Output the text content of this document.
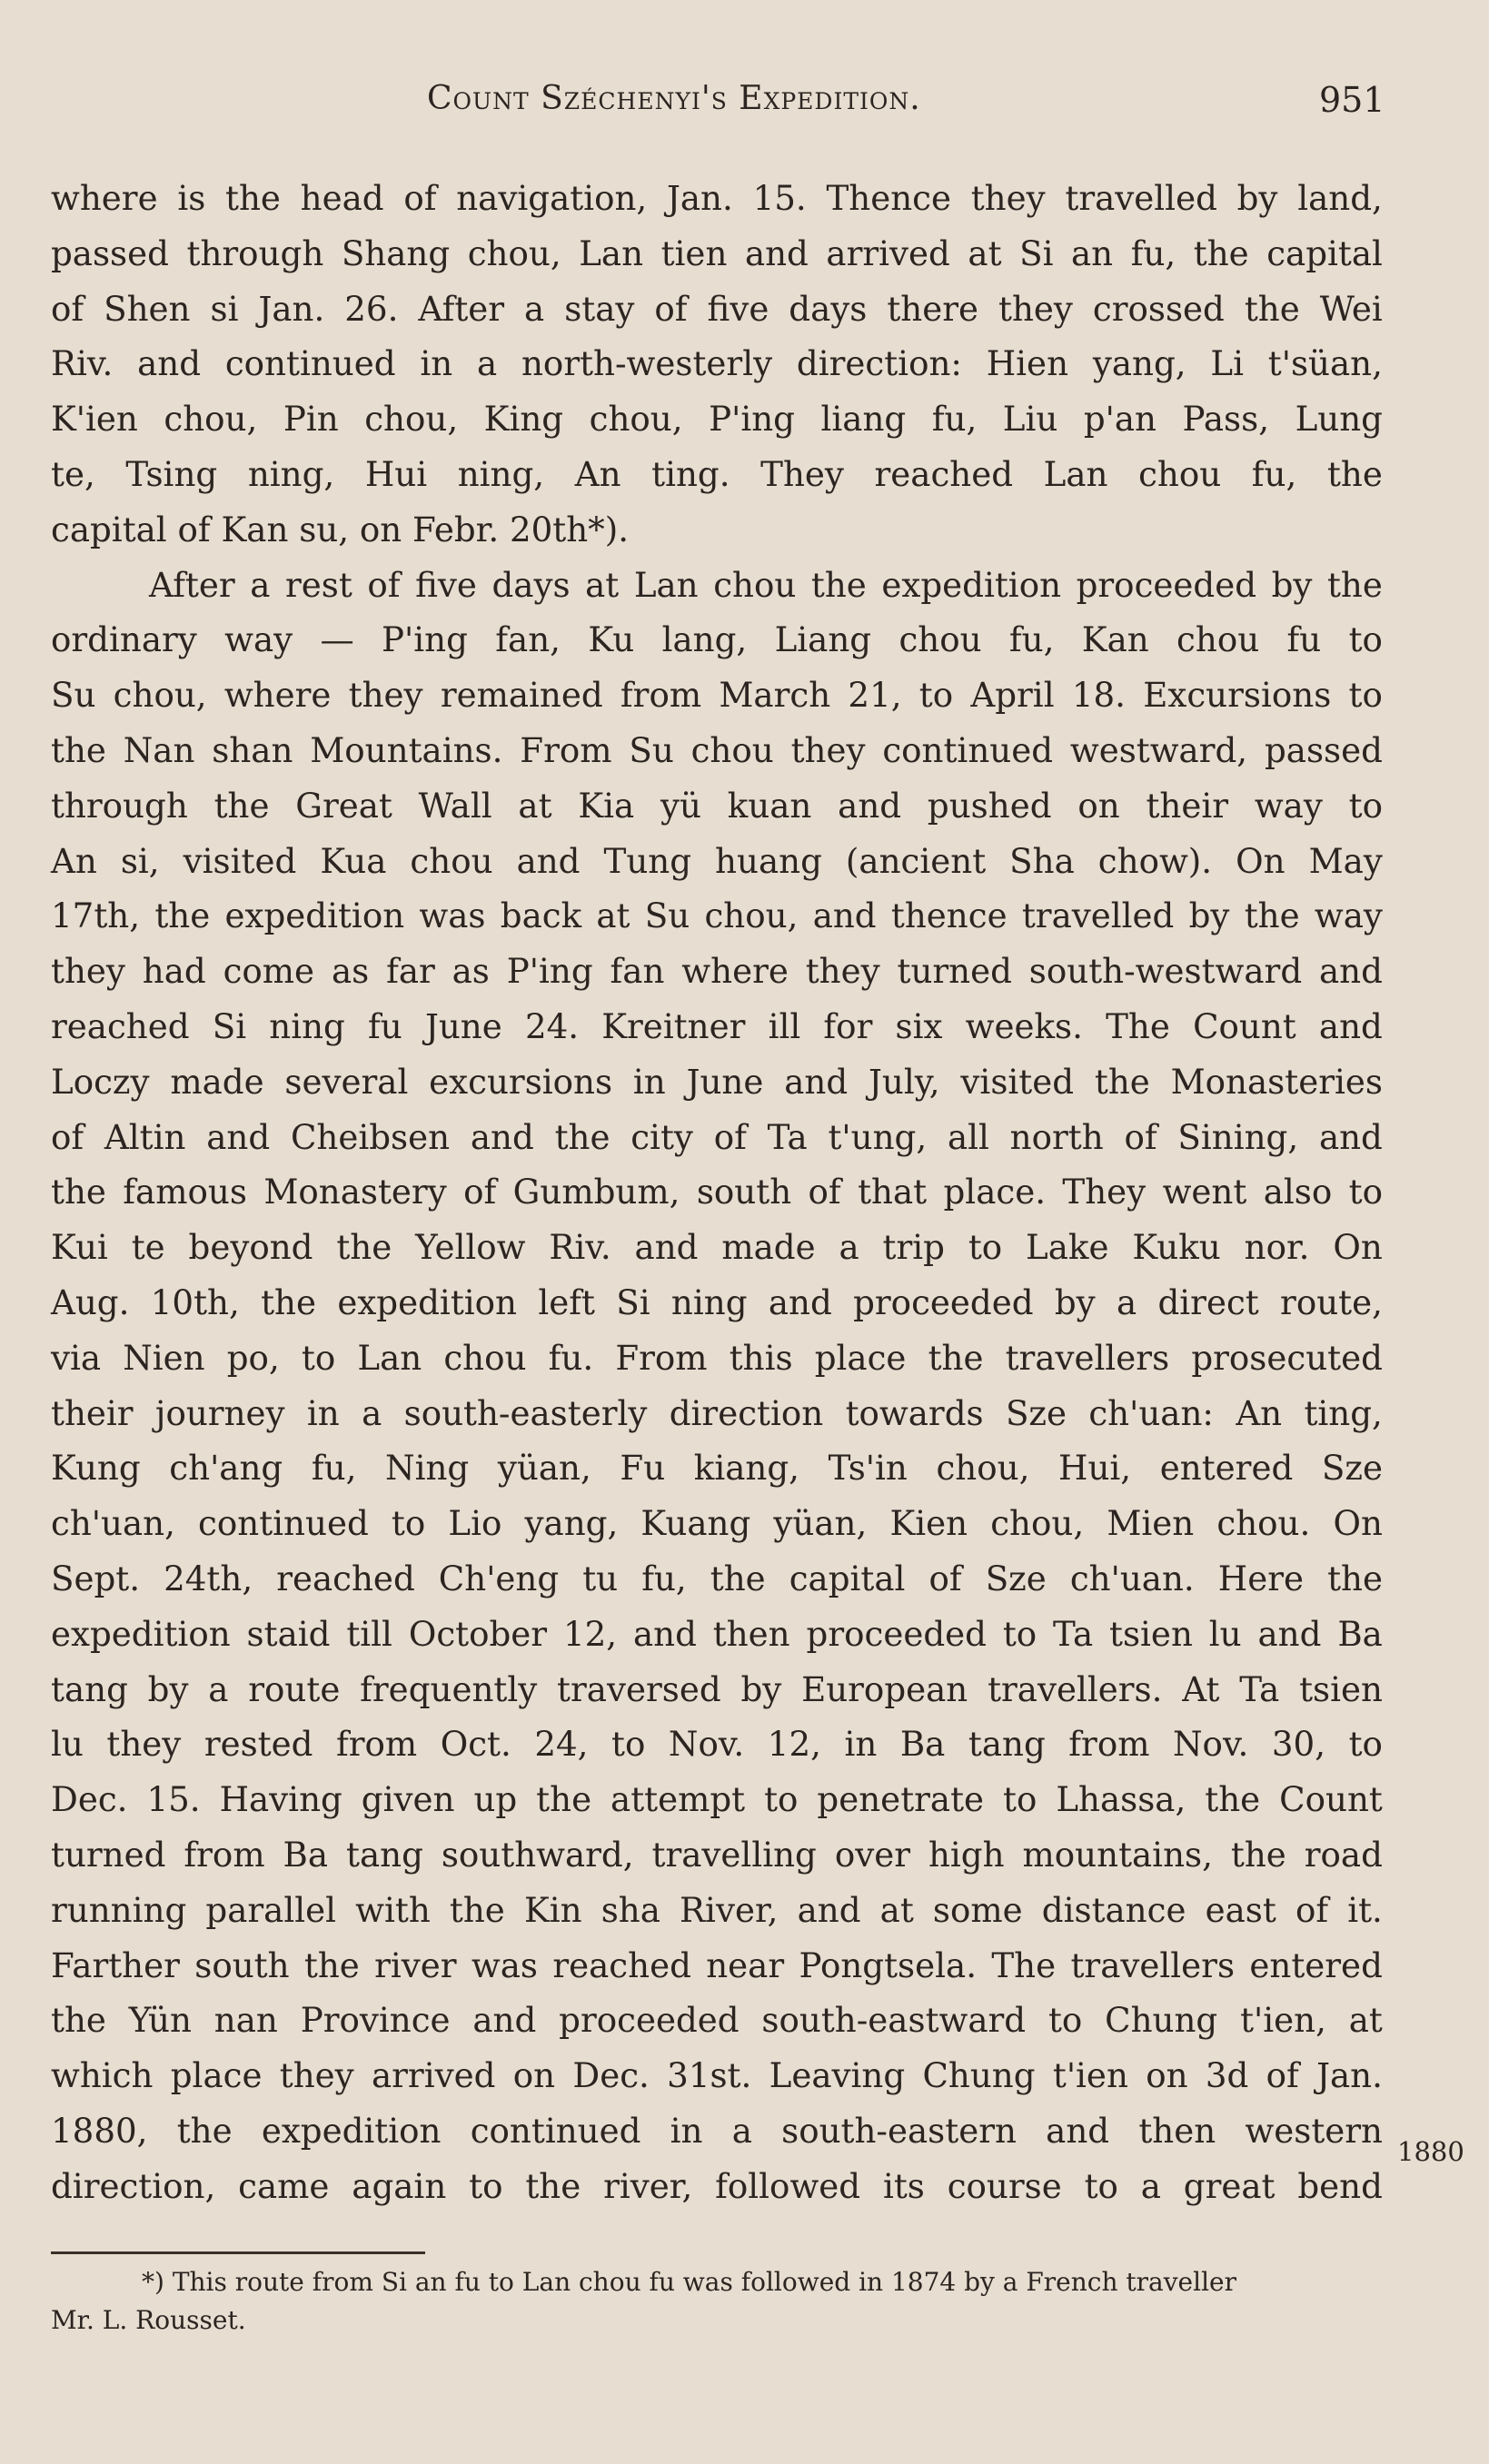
Count Széchenyi's Expedition.	951
where is the head of navigation, Jan. 15. Thence they travelled by land,
passed through Shang chou, Lan tien and arrived at Si an fu, the capital
of Shen si Jan. 26. After a stay of five days there they crossed the Wei
Riv. and continued in a north-westerly direction: Hien yang, Li t'süan,
K'ien chou, Pin chou, King chou, P'ing liang fu, Liu p'an Pass, Lung
te, Tsing ning, Hui ning, An ting. They reached Lan chou fu, the
capital of Kan su, on Febr. 20th*).
After a rest of five days at Lan chou the expedition proceeded by the
ordinary way — P'ing fan, Ku lang, Liang chou fu, Kan chou fu to
Su chou, where they remained from March 21, to April 18. Excursions to
the Nan shan Mountains. From Su chou they continued westward, passed
through the Great Wall at Kia yü kuan and pushed on their way to
An si, visited Kua chou and Tung huang (ancient Sha chow). On May
17th, the expedition was back at Su chou, and thence travelled by the way
they had come as far as P'ing fan where they turned south-westward and
reached Si ning fu June 24. Kreitner ill for six weeks. The Count and
Loczy made several excursions in June and July, visited the Monasteries
of Altin and Cheibsen and the city of Ta t'ung, all north of Sining, and
the famous Monastery of Gumbum, south of that place. They went also to
Kui te beyond the Yellow Riv. and made a trip to Lake Kuku nor. On
Aug. 10th, the expedition left Si ning and proceeded by a direct route,
via Nien po, to Lan chou fu. From this place the travellers prosecuted
their journey in a south-easterly direction towards Sze ch'uan: An ting,
Kung ch'ang fu, Ning yüan, Fu kiang, Ts'in chou, Hui, entered Sze
ch'uan, continued to Lio yang, Kuang yüan, Kien chou, Mien chou. On
Sept. 24th, reached Ch'eng tu fu, the capital of Sze ch'uan. Here the
expedition staid till October 12, and then proceeded to Ta tsien lu and Ba
tang by a route frequently traversed by European travellers. At Ta tsien
lu they rested from Oct. 24, to Nov. 12, in Ba tang from Nov. 30, to
Dec. 15. Having given up the attempt to penetrate to Lhassa, the Count
turned from Ba tang southward, travelling over high mountains, the road
running parallel with the Kin sha River, and at some distance east of it.
Farther south the river was reached near Pongtsela. The travellers entered
the Yün nan Province and proceeded south-eastward to Chung t'ien, at
which place they arrived on Dec. 31st. Leaving Chung t'ien on 3d of Jan.
1880, the expedition continued in a south-eastern and then western
direction, came again to the river, followed its course to a great bend
1880
*) This route from Si an fu to Lan chou fu was followed in 1874 by a French traveller
Mr. L. Rousset.
